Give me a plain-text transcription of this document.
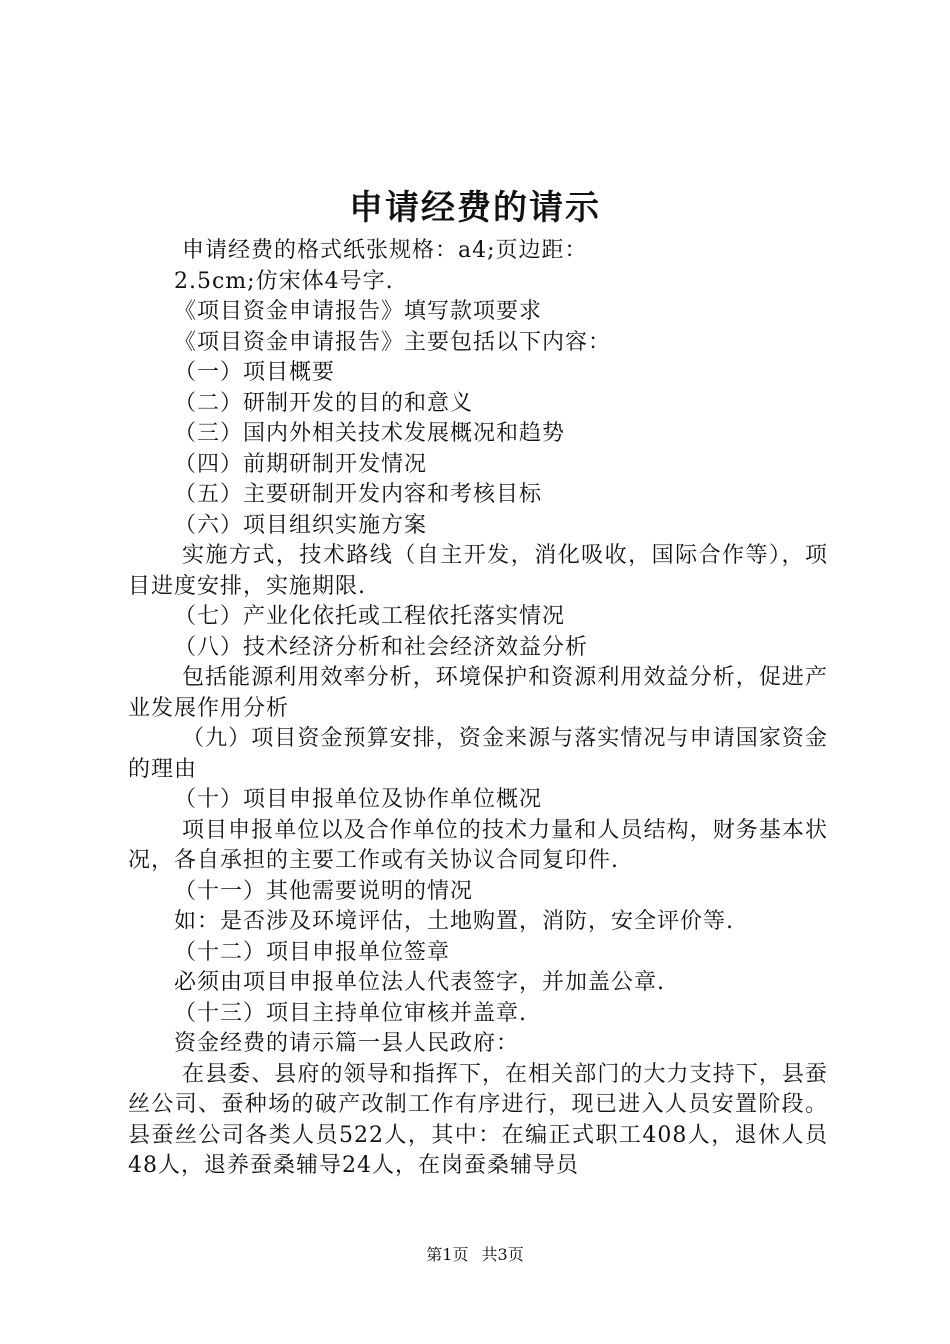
申请经费的请示
申请经费的格式纸张规格：a4;页边距：
2.5cm;仿宋体4号字.
《项目资金申请报告》填写款项要求
《项目资金申请报告》主要包括以下内容：
（一）项目概要
（二）研制开发的目的和意义
（三）国内外相关技术发展概况和趋势
（四）前期研制开发情况
（五）主要研制开发内容和考核目标
（六）项目组织实施方案
实施方式，技术路线（自主开发，消化吸收，国际合作等），项目进度安排，实施期限.
（七）产业化依托或工程依托落实情况
（八）技术经济分析和社会经济效益分析
包括能源利用效率分析，环境保护和资源利用效益分析，促进产业发展作用分析
（九）项目资金预算安排，资金来源与落实情况与申请国家资金的理由
（十）项目申报单位及协作单位概况
项目申报单位以及合作单位的技术力量和人员结构，财务基本状况，各自承担的主要工作或有关协议合同复印件.
（十一）其他需要说明的情况
如：是否涉及环境评估，土地购置，消防，安全评价等.
（十二）项目申报单位签章
必须由项目申报单位法人代表签字，并加盖公章.
（十三）项目主持单位审核并盖章.
资金经费的请示篇一县人民政府：
在县委、县府的领导和指挥下，在相关部门的大力支持下，县蚕丝公司、蚕种场的破产改制工作有序进行，现已进入人员安置阶段。县蚕丝公司各类人员522人，其中：在编正式职工408人，退休人员48人，退养蚕桑辅导24人，在岗蚕桑辅导员
第1页 共3页
